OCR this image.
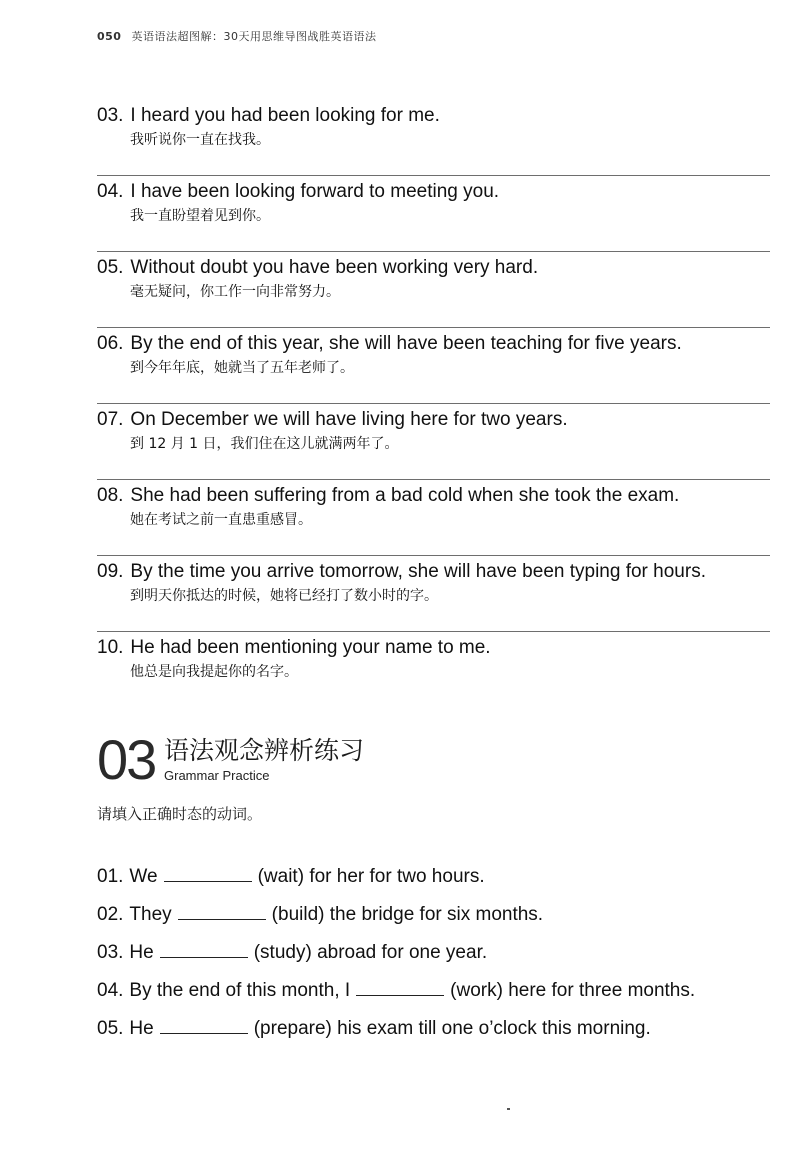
050 英语语法超图解：30天用思维导图战胜英语语法
03. I heard you had been looking for me.
我听说你一直在找我。
04. I have been looking forward to meeting you.
我一直盼望着见到你。
05. Without doubt you have been working very hard.
毫无疑问，你工作一向非常努力。
06. By the end of this year, she will have been teaching for five years.
到今年年底，她就当了五年老师了。
07. On December we will have living here for two years.
到 12 月 1 日，我们住在这儿就满两年了。
08. She had been suffering from a bad cold when she took the exam.
她在考试之前一直患重感冒。
09. By the time you arrive tomorrow, she will have been typing for hours.
到明天你抵达的时候，她将已经打了数小时的字。
10. He had been mentioning your name to me.
他总是向我提起你的名字。
03 语法观念辨析练习
Grammar Practice
请填入正确时态的动词。
01. We	(wait) for her for two hours.
02. They	(build) the bridge for six months.
03. He	(study) abroad for one year.
04. By the end of this month, I	(work) here for three months.
05. He	(prepare) his exam till one o’clock this morning.
